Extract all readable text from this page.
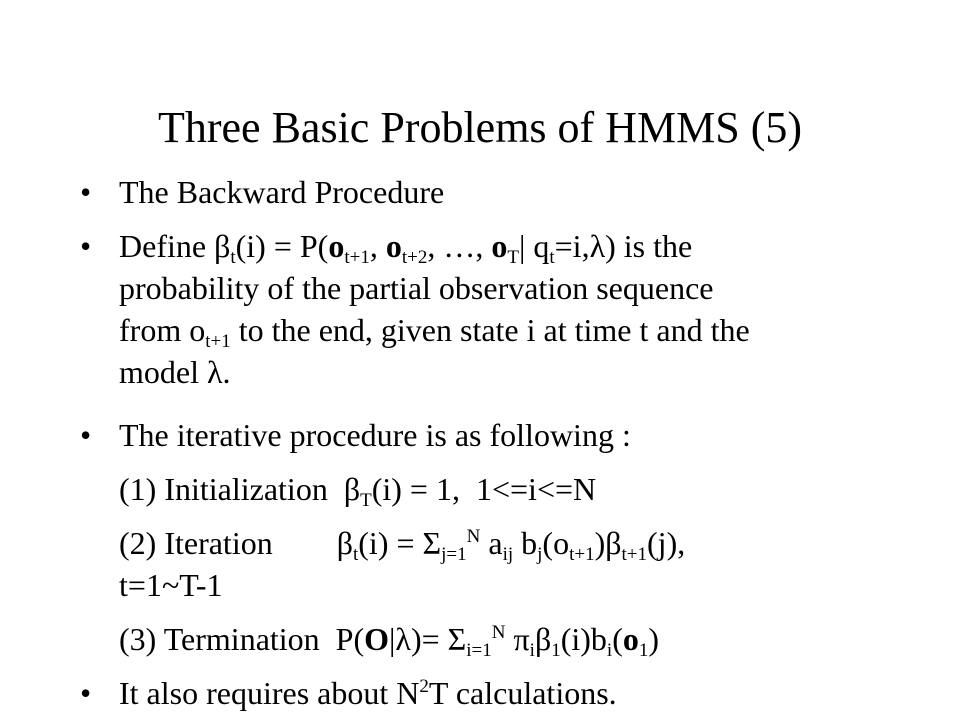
Three Basic Problems of HMMS (5)
• The Backward Procedure
• Define $\beta_t(i) = P(o_{t+1}$, $o_{t+2}$, …, $o_T|$ $q_t=i,\lambda$) is the
probability of the partial observation sequence
from $o_{t+1}$ to the end, given state i at time t and the
model λ.
• The iterative procedure is as following :
(1) Initialization  $\beta_T(i) = 1$,  1<=i<=N
(2) Iteration        $\beta_t(i) = \Sigma_{j=1}^N$ $a_{ij}$ $b_j(o_{t+1})\beta_{t+1}(j)$,
t=1~T-1
(3) Termination  $P(O|\lambda)= \Sigma_{i=1}^N$ $\pi_i\beta_1(i)b_i(o_1)$
• It also requires about $N^2T$ calculations.
